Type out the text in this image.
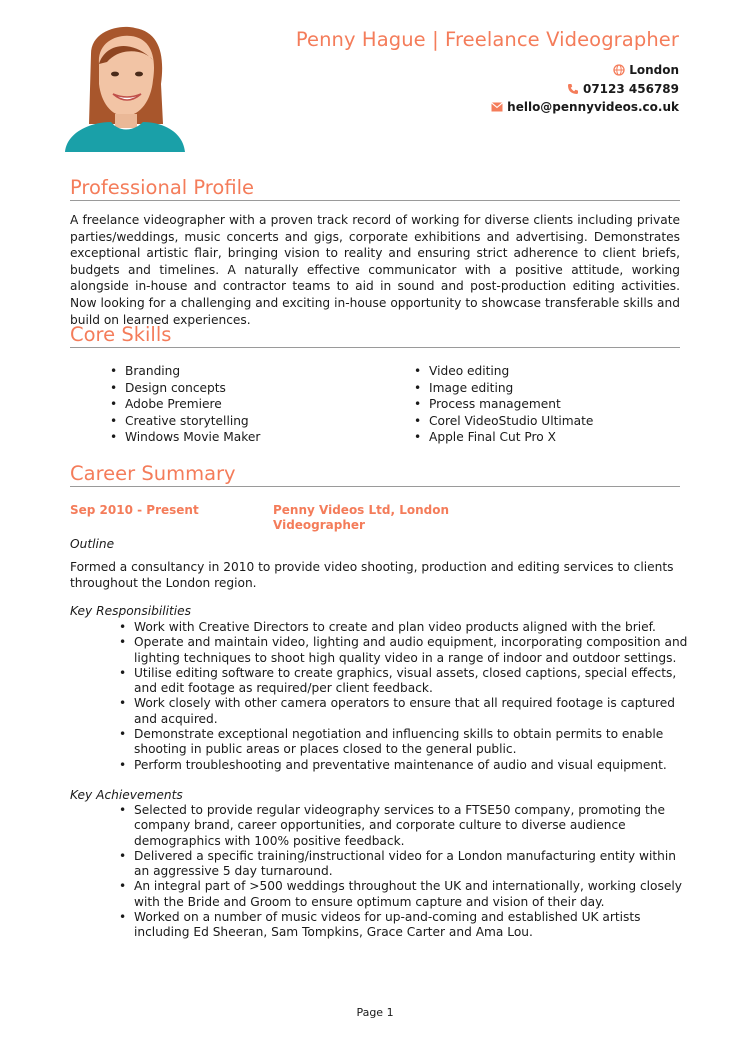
Penny Hague | Freelance Videographer
London
07123 456789
hello@pennyvideos.co.uk
Professional Profile
A freelance videographer with a proven track record of working for diverse clients including private parties/weddings, music concerts and gigs, corporate exhibitions and advertising. Demonstrates exceptional artistic flair, bringing vision to reality and ensuring strict adherence to client briefs, budgets and timelines. A naturally effective communicator with a positive attitude, working alongside in-house and contractor teams to aid in sound and post-production editing activities. Now looking for a challenging and exciting in-house opportunity to showcase transferable skills and build on learned experiences.
Core Skills
• Branding
• Design concepts
• Adobe Premiere
• Creative storytelling
• Windows Movie Maker
• Video editing
• Image editing
• Process management
• Corel VideoStudio Ultimate
• Apple Final Cut Pro X
Career Summary
Sep 2010 - Present	Penny Videos Ltd, London
Videographer
Outline
Formed a consultancy in 2010 to provide video shooting, production and editing services to clients throughout the London region.
Key Responsibilities
• Work with Creative Directors to create and plan video products aligned with the brief.
• Operate and maintain video, lighting and audio equipment, incorporating composition and lighting techniques to shoot high quality video in a range of indoor and outdoor settings.
• Utilise editing software to create graphics, visual assets, closed captions, special effects, and edit footage as required/per client feedback.
• Work closely with other camera operators to ensure that all required footage is captured and acquired.
• Demonstrate exceptional negotiation and influencing skills to obtain permits to enable shooting in public areas or places closed to the general public.
• Perform troubleshooting and preventative maintenance of audio and visual equipment.
Key Achievements
• Selected to provide regular videography services to a FTSE50 company, promoting the company brand, career opportunities, and corporate culture to diverse audience demographics with 100% positive feedback.
• Delivered a specific training/instructional video for a London manufacturing entity within an aggressive 5 day turnaround.
• An integral part of >500 weddings throughout the UK and internationally, working closely with the Bride and Groom to ensure optimum capture and vision of their day.
• Worked on a number of music videos for up-and-coming and established UK artists including Ed Sheeran, Sam Tompkins, Grace Carter and Ama Lou.
Page 1
